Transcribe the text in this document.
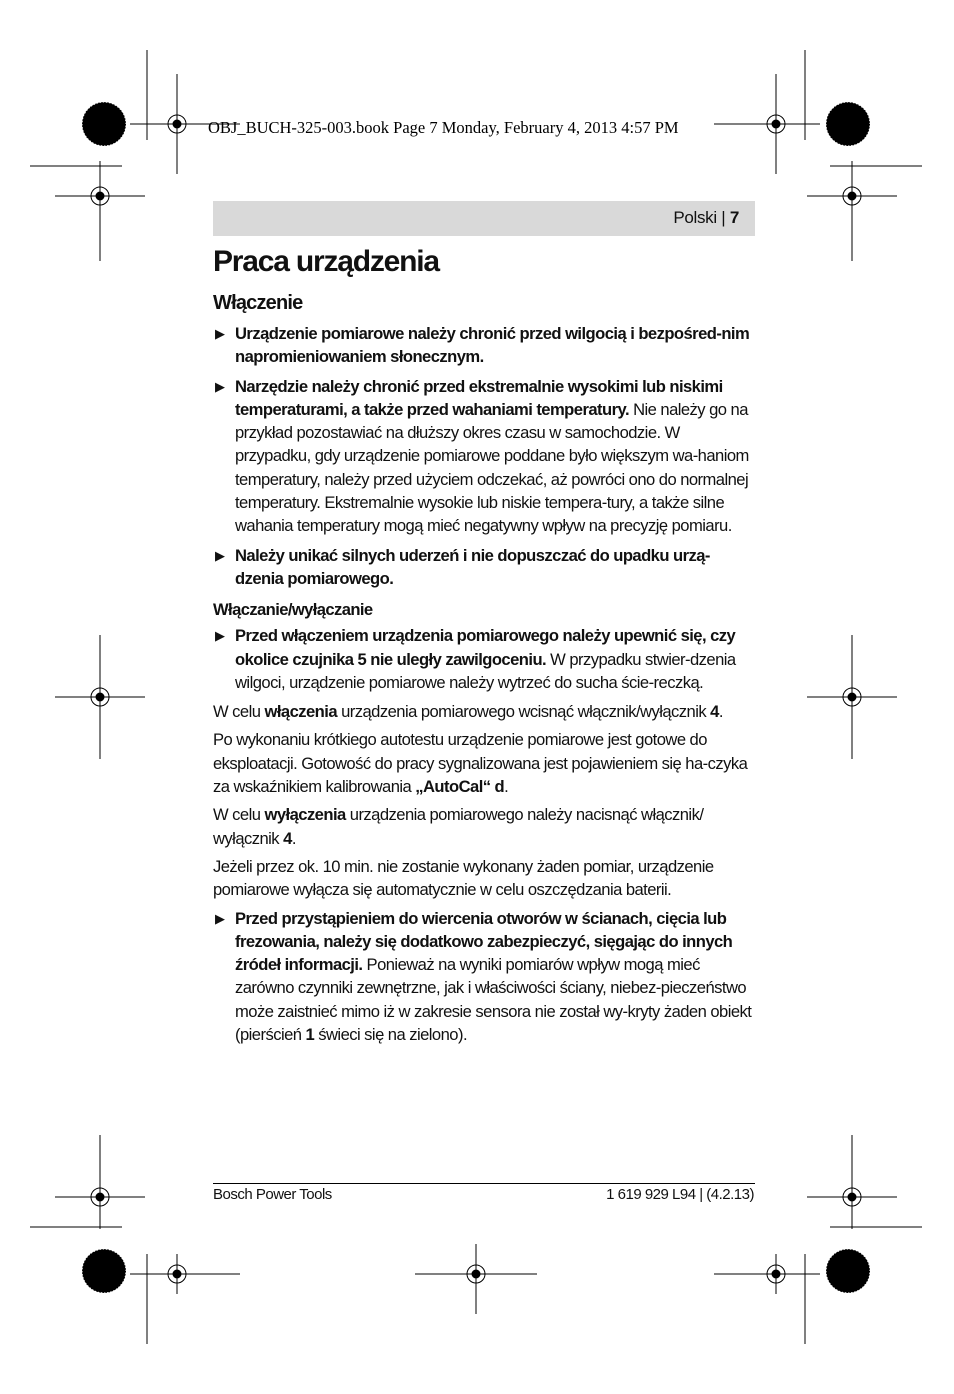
OBJ_BUCH-325-003.book Page 7 Monday, February 4, 2013 4:57 PM
Polski | 7
Praca urządzenia
Włączenie
▶ Urządzenie pomiarowe należy chronić przed wilgocią i bezpośred-nim napromieniowaniem słonecznym.
▶ Narzędzie należy chronić przed ekstremalnie wysokimi lub niskimi temperaturami, a także przed wahaniami temperatury. Nie należy go na przykład pozostawiać na dłuższy okres czasu w samochodzie. W przypadku, gdy urządzenie pomiarowe poddane było większym wa-haniom temperatury, należy przed użyciem odczekać, aż powróci ono do normalnej temperatury. Ekstremalnie wysokie lub niskie tempera-tury, a także silne wahania temperatury mogą mieć negatywny wpływ na precyzję pomiaru.
▶ Należy unikać silnych uderzeń i nie dopuszczać do upadku urzą-dzenia pomiarowego.
Włączanie/wyłączanie
▶ Przed włączeniem urządzenia pomiarowego należy upewnić się, czy okolice czujnika 5 nie uległy zawilgoceniu. W przypadku stwier-dzenia wilgoci, urządzenie pomiarowe należy wytrzeć do sucha ście-reczką.

W celu włączenia urządzenia pomiarowego wcisnąć włącznik/wyłącznik 4.

Po wykonaniu krótkiego autotestu urządzenie pomiarowe jest gotowe do eksploatacji. Gotowość do pracy sygnalizowana jest pojawieniem się ha-czyka za wskaźnikiem kalibrowania „AutoCal“ d.

W celu wyłączenia urządzenia pomiarowego należy nacisnąć włącznik/ wyłącznik 4.

Jeżeli przez ok. 10 min. nie zostanie wykonany żaden pomiar, urządzenie pomiarowe wyłącza się automatycznie w celu oszczędzania baterii.

▶ Przed przystąpieniem do wiercenia otworów w ścianach, cięcia lub frezowania, należy się dodatkowo zabezpieczyć, sięgając do innych źródeł informacji. Ponieważ na wyniki pomiarów wpływ mogą mieć zarówno czynniki zewnętrzne, jak i właściwości ściany, niebez-pieczeństwo może zaistnieć mimo iż w zakresie sensora nie został wy-kryty żaden obiekt (pierścień 1 świeci się na zielono).
Bosch Power Tools	1 619 929 L94 | (4.2.13)
